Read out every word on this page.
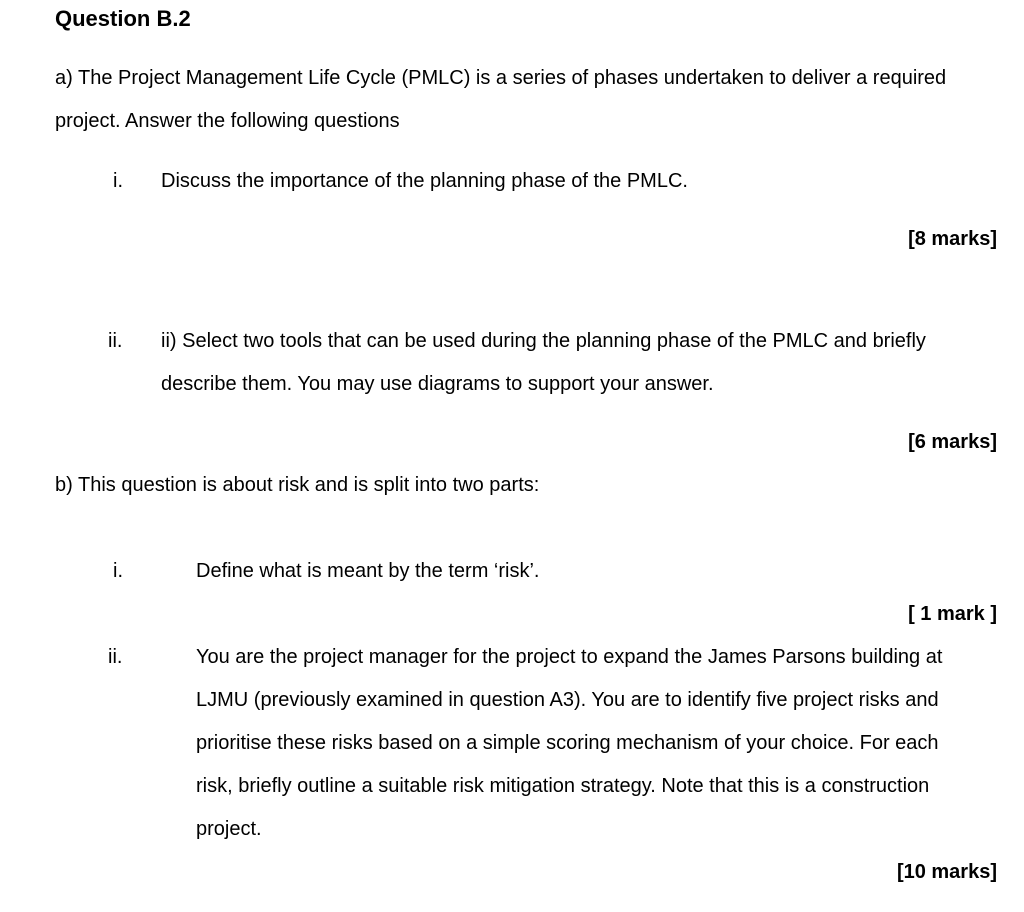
Question B.2
a) The Project Management Life Cycle (PMLC) is a series of phases undertaken to deliver a required
project. Answer the following questions
i. Discuss the importance of the planning phase of the PMLC.
[8 marks]
ii. ii) Select two tools that can be used during the planning phase of the PMLC and briefly
describe them. You may use diagrams to support your answer.
[6 marks]
b) This question is about risk and is split into two parts:
i.	Define what is meant by the term ‘risk’.
[ 1 mark ]
ii.	You are the project manager for the project to expand the James Parsons building at
LJMU (previously examined in question A3). You are to identify five project risks and
prioritise these risks based on a simple scoring mechanism of your choice. For each
risk, briefly outline a suitable risk mitigation strategy. Note that this is a construction
project.
[10 marks]
